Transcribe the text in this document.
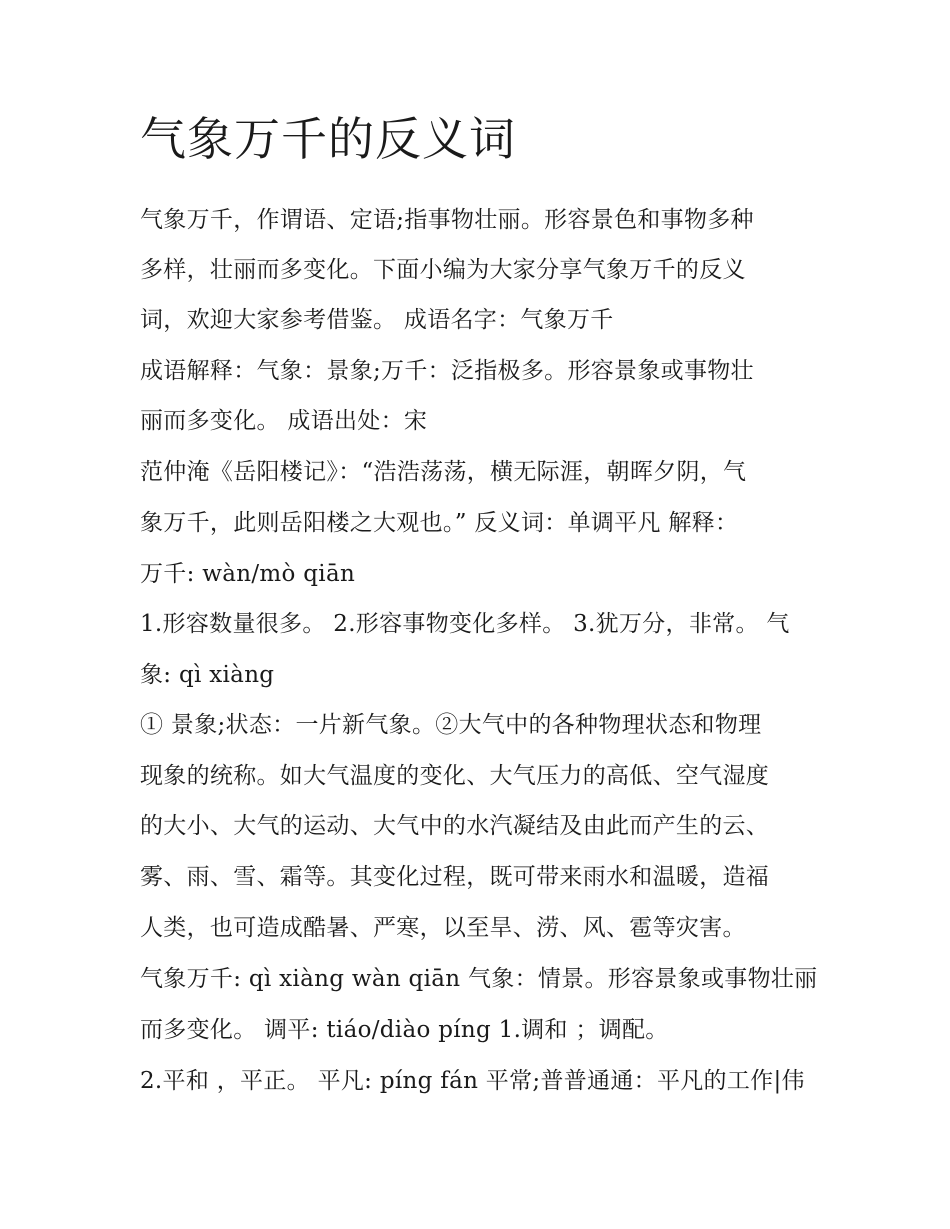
气象万千的反义词

气象万千，作谓语、定语;指事物壮丽。形容景色和事物多种

多样，壮丽而多变化。下面小编为大家分享气象万千的反义

词，欢迎大家参考借鉴。 成语名字：气象万千

成语解释：气象：景象;万千：泛指极多。形容景象或事物壮

丽而多变化。 成语出处：宋

范仲淹《岳阳楼记》：“浩浩荡荡，横无际涯，朝晖夕阴，气

象万千，此则岳阳楼之大观也。” 反义词：单调平凡 解释：

万千: wàn/mò qiān

1.形容数量很多。 2.形容事物变化多样。 3.犹万分，非常。 气

象: qì xiàng

① 景象;状态：一片新气象。②大气中的各种物理状态和物理

现象的统称。如大气温度的变化、大气压力的高低、空气湿度

的大小、大气的运动、大气中的水汽凝结及由此而产生的云、

雾、雨、雪、霜等。其变化过程，既可带来雨水和温暖，造福

人类，也可造成酷暑、严寒，以至旱、涝、风、雹等灾害。

气象万千: qì xiàng wàn qiān 气象：情景。形容景象或事物壮丽

而多变化。 调平: tiáo/diào píng 1.调和 ；调配。

2.平和 ，平正。 平凡: píng fán 平常;普普通通：平凡的工作|伟
